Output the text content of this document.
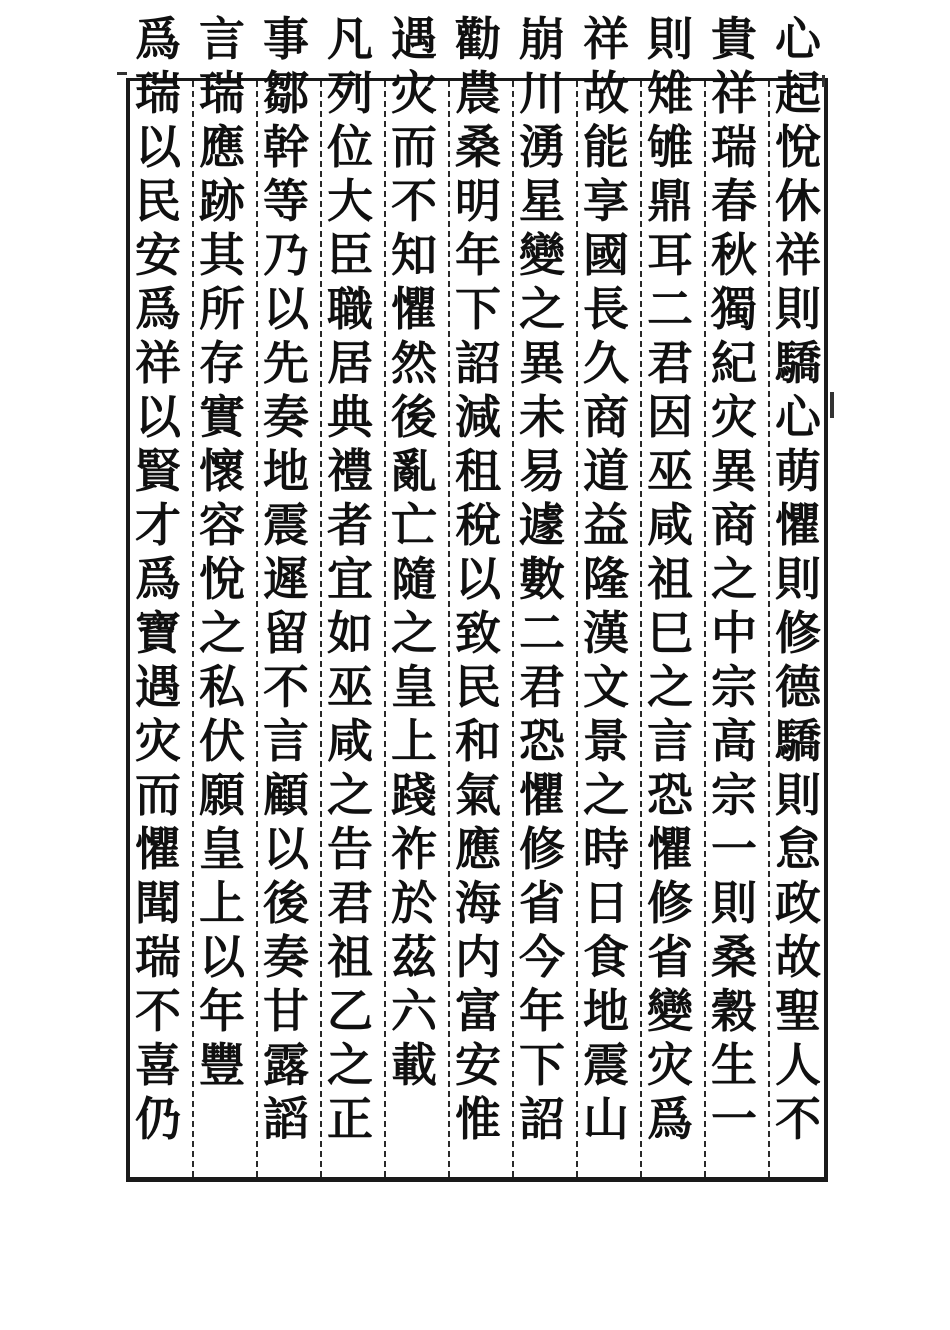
心
起
悅
休
祥
則
驕
心
萌
懼
則
修
德
驕
則
怠
政
故
聖
人
不
貴
祥
瑞
春
秋
獨
紀
灾
異
商
之
中
宗
高
宗
一
則
桑
穀
生
一
則
雉
雊
鼎
耳
二
君
因
巫
咸
祖
巳
之
言
恐
懼
修
省
變
灾
爲
祥
故
能
享
國
長
久
商
道
益
隆
漢
文
景
之
時
日
食
地
震
山
崩
川
湧
星
變
之
異
未
易
遽
數
二
君
恐
懼
修
省
今
年
下
詔
勸
農
桑
明
年
下
詔
減
租
稅
以
致
民
和
氣
應
海
内
富
安
惟
遇
灾
而
不
知
懼
然
後
亂
亡
隨
之
皇
上
踐
祚
於
茲
六
載
凡
列
位
大
臣
職
居
典
禮
者
宜
如
巫
咸
之
告
君
祖
乙
之
正
事
鄒
幹
等
乃
以
先
奏
地
震
遲
留
不
言
顧
以
後
奏
甘
露
謟
言
瑞
應
跡
其
所
存
實
懷
容
悅
之
私
伏
願
皇
上
以
年
豐
爲
瑞
以
民
安
爲
祥
以
賢
才
爲
寶
遇
灾
而
懼
聞
瑞
不
喜
仍
